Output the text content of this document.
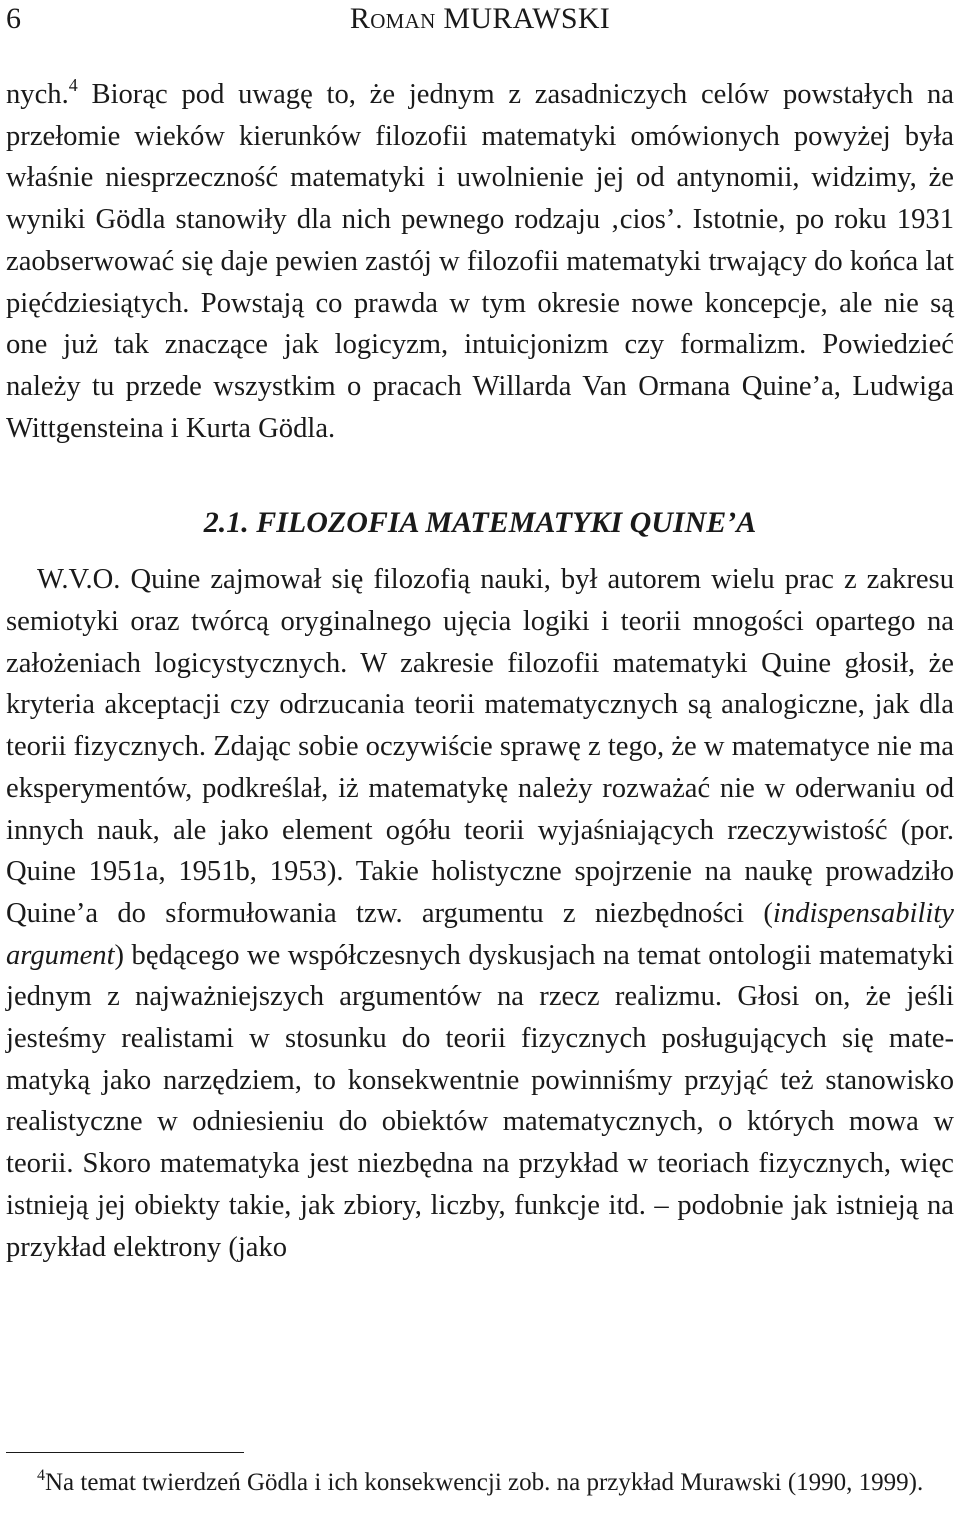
6	Roman MURAWSKI

nych.$^4$ Biorąc pod uwagę to, że jednym z zasadniczych celów powstałych na przełomie wieków kierunków filozofii matematyki omówionych powyżej była właśnie niesprzeczność matematyki i uwolnienie jej od antynomii, widzimy, że wyniki Gödla stanowiły dla nich pewnego rodzaju ‚cios’. Istotnie, po roku 1931 zaobserwować się daje pewien zastój w filozofii matematyki trwający do końca lat pięćdziesiątych. Powstają co prawda w tym okresie nowe koncepcje, ale nie są one już tak znaczące jak logicyzm, intuicjonizm czy formalizm. Powiedzieć należy tu przede wszystkim o pracach Willarda Van Ormana Quine’a, Ludwiga Wittgensteina i Kurta Gödla.

2.1. FILOZOFIA MATEMATYKI QUINE’A

W.V.O. Quine zajmował się filozofią nauki, był autorem wielu prac z zakresu semiotyki oraz twórcą oryginalnego ujęcia logiki i teorii mnogości opartego na założeniach logicystycznych. W zakresie filozofii matematyki Quine głosił, że kryteria akceptacji czy odrzucania teorii matematycznych są analogiczne, jak dla teorii fizycznych. Zdając sobie oczywiście sprawę z tego, że w matematyce nie ma eksperymentów, podkreślał, iż matematykę należy rozważać nie w oderwaniu od innych nauk, ale jako element ogółu teorii wyjaśniających rzeczywistość (por. Quine 1951a, 1951b, 1953). Takie holistyczne spojrzenie na naukę prowadziło Quine’a do sformułowania tzw. argumentu z niezbędności (indispensability argument) będącego we współczesnych dyskusjach na temat ontologii matematyki jednym z najważniejszych argumentów na rzecz realizmu. Głosi on, że jeśli jesteśmy realistami w stosunku do teorii fizycznych posługujących się matematyką jako narzędziem, to konsekwentnie powinniśmy przyjąć też stanowisko realistyczne w odniesieniu do obiektów matematycznych, o których mowa w teorii. Skoro matematyka jest niezbędna na przykład w teoriach fizycznych, więc istnieją jej obiekty takie, jak zbiory, liczby, funkcje itd. – podobnie jak istnieją na przykład elektrony (jako

$^4$Na temat twierdzeń Gödla i ich konsekwencji zob. na przykład Murawski (1990, 1999).
